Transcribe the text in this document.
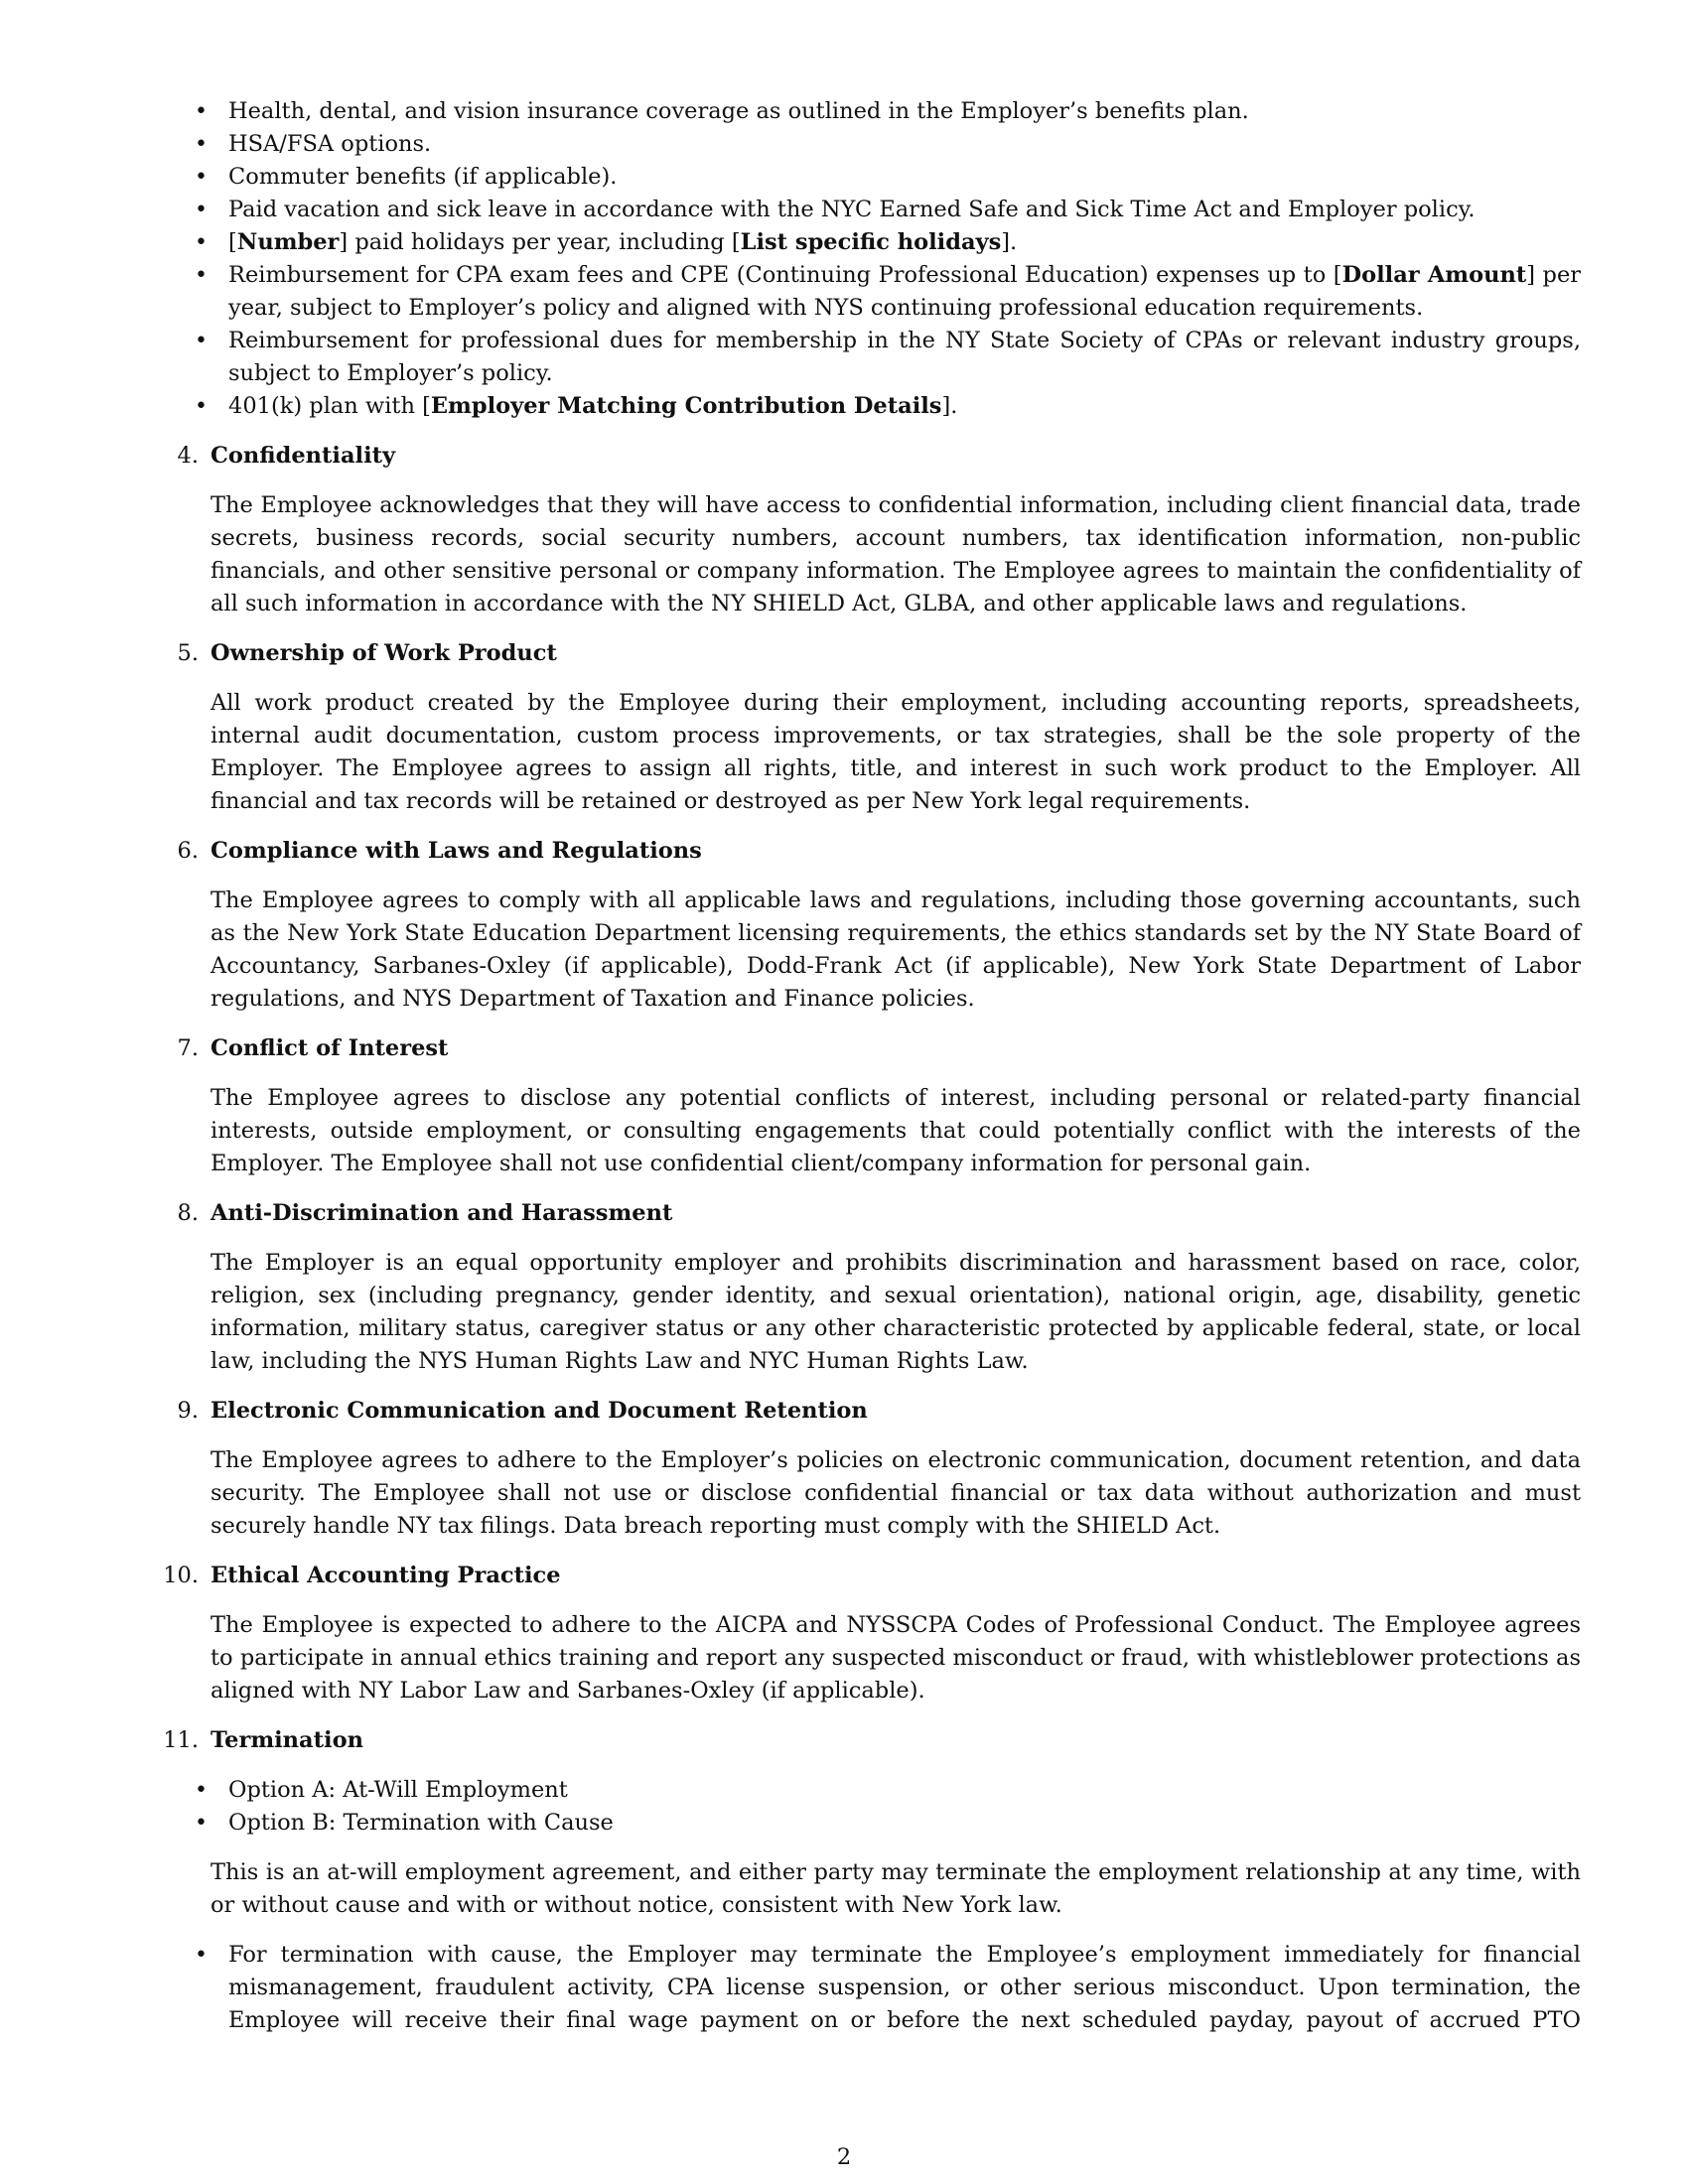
• Health, dental, and vision insurance coverage as outlined in the Employer’s benefits plan.
• HSA/FSA options.
• Commuter benefits (if applicable).
• Paid vacation and sick leave in accordance with the NYC Earned Safe and Sick Time Act and Employer policy.
• [Number] paid holidays per year, including [List specific holidays].
• Reimbursement for CPA exam fees and CPE (Continuing Professional Education) expenses up to [Dollar Amount] per year, subject to Employer’s policy and aligned with NYS continuing professional education requirements.
• Reimbursement for professional dues for membership in the NY State Society of CPAs or relevant industry groups, subject to Employer’s policy.
• 401(k) plan with [Employer Matching Contribution Details].
4. Confidentiality
The Employee acknowledges that they will have access to confidential information, including client financial data, trade secrets, business records, social security numbers, account numbers, tax identification information, non-public financials, and other sensitive personal or company information. The Employee agrees to maintain the confidentiality of all such information in accordance with the NY SHIELD Act, GLBA, and other applicable laws and regulations.
5. Ownership of Work Product
All work product created by the Employee during their employment, including accounting reports, spreadsheets, internal audit documentation, custom process improvements, or tax strategies, shall be the sole property of the Employer. The Employee agrees to assign all rights, title, and interest in such work product to the Employer. All financial and tax records will be retained or destroyed as per New York legal requirements.
6. Compliance with Laws and Regulations
The Employee agrees to comply with all applicable laws and regulations, including those governing accountants, such as the New York State Education Department licensing requirements, the ethics standards set by the NY State Board of Accountancy, Sarbanes-Oxley (if applicable), Dodd-Frank Act (if applicable), New York State Department of Labor regulations, and NYS Department of Taxation and Finance policies.
7. Conflict of Interest
The Employee agrees to disclose any potential conflicts of interest, including personal or related-party financial interests, outside employment, or consulting engagements that could potentially conflict with the interests of the Employer. The Employee shall not use confidential client/company information for personal gain.
8. Anti-Discrimination and Harassment
The Employer is an equal opportunity employer and prohibits discrimination and harassment based on race, color, religion, sex (including pregnancy, gender identity, and sexual orientation), national origin, age, disability, genetic information, military status, caregiver status or any other characteristic protected by applicable federal, state, or local law, including the NYS Human Rights Law and NYC Human Rights Law.
9. Electronic Communication and Document Retention
The Employee agrees to adhere to the Employer’s policies on electronic communication, document retention, and data security. The Employee shall not use or disclose confidential financial or tax data without authorization and must securely handle NY tax filings. Data breach reporting must comply with the SHIELD Act.
10. Ethical Accounting Practice
The Employee is expected to adhere to the AICPA and NYSSCPA Codes of Professional Conduct. The Employee agrees to participate in annual ethics training and report any suspected misconduct or fraud, with whistleblower protections as aligned with NY Labor Law and Sarbanes-Oxley (if applicable).
11. Termination
• Option A: At-Will Employment
• Option B: Termination with Cause
This is an at-will employment agreement, and either party may terminate the employment relationship at any time, with or without cause and with or without notice, consistent with New York law.
• For termination with cause, the Employer may terminate the Employee’s employment immediately for financial mismanagement, fraudulent activity, CPA license suspension, or other serious misconduct. Upon termination, the Employee will receive their final wage payment on or before the next scheduled payday, payout of accrued PTO
2
